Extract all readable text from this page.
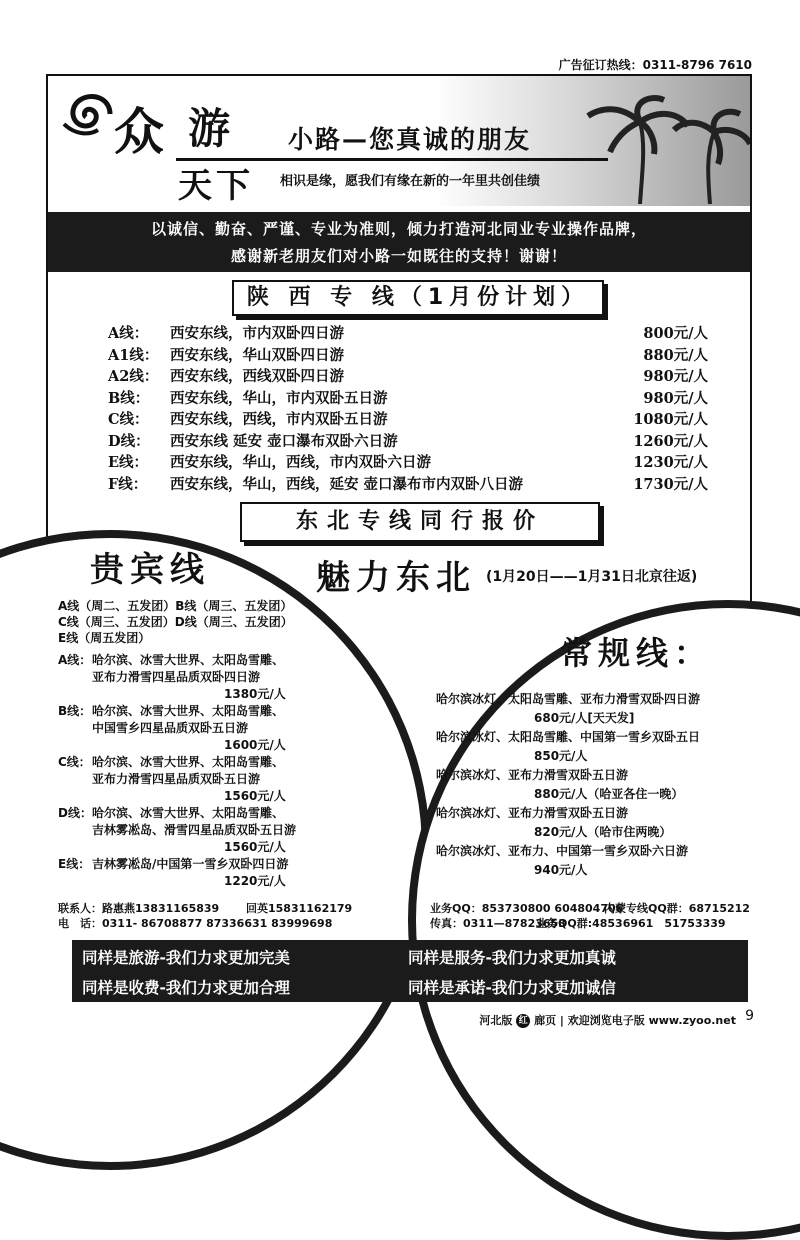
广告征订热线：0311-8796 7610
众 游 小路—您真诚的朋友
天下 相识是缘，愿我们有缘在新的一年里共创佳绩
以诚信、勤奋、严谨、专业为准则，倾力打造河北同业专业操作品牌，
感谢新老朋友们对小路一如既往的支持！谢谢！
陕 西 专 线（1月份计划）
A线： 西安东线，市内双卧四日游	800元/人
A1线： 西安东线，华山双卧四日游	880元/人
A2线： 西安东线，西线双卧四日游	980元/人
B线： 西安东线，华山，市内双卧五日游	980元/人
C线： 西安东线，西线，市内双卧五日游	1080元/人
D线： 西安东线 延安 壶口瀑布双卧六日游	1260元/人
E线： 西安东线，华山，西线，市内双卧六日游	1230元/人
F线： 西安东线，华山，西线，延安 壶口瀑布市内双卧八日游	1730元/人
东北专线同行报价
贵宾线	魅力东北 (1月20日——1月31日北京往返)
常规线：
A线（周二、五发团）B线（周三、五发团）
C线（周三、五发团）D线（周三、五发团）
E线（周五发团）
A线：哈尔滨、冰雪大世界、太阳岛雪雕、
亚布力滑雪四星品质双卧四日游
1380元/人
B线：哈尔滨、冰雪大世界、太阳岛雪雕、
中国雪乡四星品质双卧五日游
1600元/人
C线：哈尔滨、冰雪大世界、太阳岛雪雕、
亚布力滑雪四星品质双卧五日游
1560元/人
D线：哈尔滨、冰雪大世界、太阳岛雪雕、
吉林雾凇岛、滑雪四星品质双卧五日游
1560元/人
E线： 吉林雾凇岛/中国第一雪乡双卧四日游
1220元/人
哈尔滨冰灯、太阳岛雪雕、亚布力滑雪双卧四日游
680元/人[天天发]
哈尔滨冰灯、太阳岛雪雕、中国第一雪乡双卧五日
850元/人
哈尔滨冰灯、亚布力滑雪双卧五日游
880元/人（哈亚各住一晚）
哈尔滨冰灯、亚布力滑雪双卧五日游
820元/人（哈市住两晚）
哈尔滨冰灯、亚布力、中国第一雪乡双卧六日游
940元/人
联系人：路惠燕13831165839 回英15831162179	业务QQ：853730800 604804706
内蒙专线QQ群：68715212
电　话：0311- 86708877 87336631 83999698	传真：0311—87823653
业务QQ群:48536961　51753339
同样是旅游-我们力求更加完美	同样是服务-我们力求更加真诚
同样是收费-我们力求更加合理	同样是承诺-我们力求更加诚信
河北版 红 廊页 | 欢迎浏览电子版 www.zyoo.net 9
